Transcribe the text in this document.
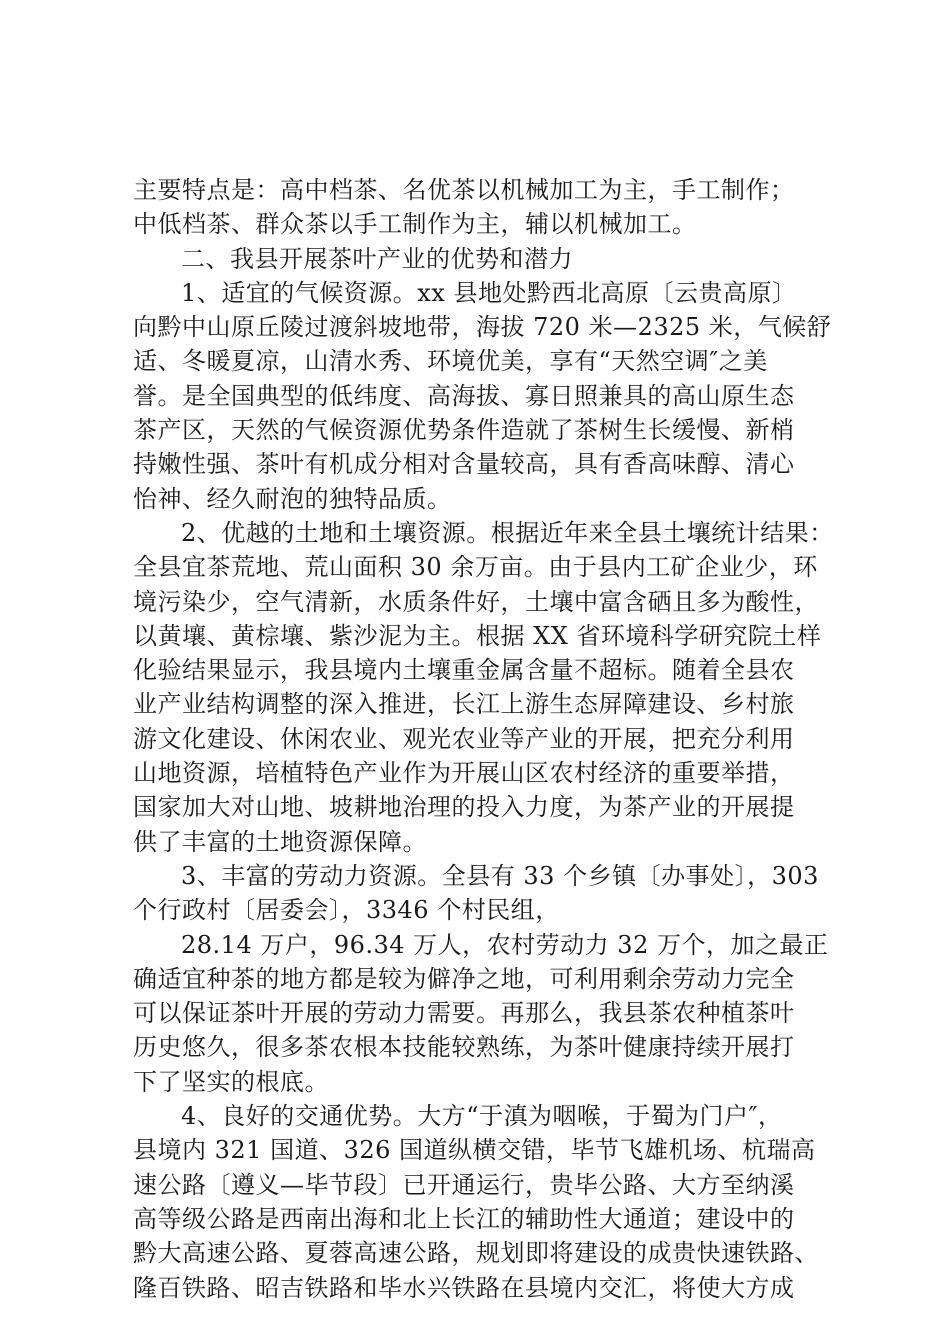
主要特点是：高中档茶、名优茶以机械加工为主，手工制作；
中低档茶、群众茶以手工制作为主，辅以机械加工。
二、我县开展茶叶产业的优势和潜力
1、适宜的气候资源。xx 县地处黔西北高原〔云贵高原〕
向黔中山原丘陵过渡斜坡地带，海拔 720 米—2325 米，气候舒
适、冬暖夏凉，山清水秀、环境优美，享有“天然空调″之美
誉。是全国典型的低纬度、高海拔、寡日照兼具的高山原生态
茶产区，天然的气候资源优势条件造就了茶树生长缓慢、新梢
持嫩性强、茶叶有机成分相对含量较高，具有香高味醇、清心
怡神、经久耐泡的独特品质。
2、优越的土地和土壤资源。根据近年来全县土壤统计结果：
全县宜茶荒地、荒山面积 30 余万亩。由于县内工矿企业少，环
境污染少，空气清新，水质条件好，土壤中富含硒且多为酸性，
以黄壤、黄棕壤、紫沙泥为主。根据 XX 省环境科学研究院土样
化验结果显示，我县境内土壤重金属含量不超标。随着全县农
业产业结构调整的深入推进，长江上游生态屏障建设、乡村旅
游文化建设、休闲农业、观光农业等产业的开展，把充分利用
山地资源，培植特色产业作为开展山区农村经济的重要举措，
国家加大对山地、坡耕地治理的投入力度，为茶产业的开展提
供了丰富的土地资源保障。
3、丰富的劳动力资源。全县有 33 个乡镇〔办事处〕，303
个行政村〔居委会〕，3346 个村民组，
28.14 万户，96.34 万人，农村劳动力 32 万个，加之最正
确适宜种茶的地方都是较为僻净之地，可利用剩余劳动力完全
可以保证茶叶开展的劳动力需要。再那么，我县茶农种植茶叶
历史悠久，很多茶农根本技能较熟练，为茶叶健康持续开展打
下了坚实的根底。
4、良好的交通优势。大方“于滇为咽喉，于蜀为门户″，
县境内 321 国道、326 国道纵横交错，毕节飞雄机场、杭瑞高
速公路〔遵义—毕节段〕已开通运行，贵毕公路、大方至纳溪
高等级公路是西南出海和北上长江的辅助性大通道；建设中的
黔大高速公路、夏蓉高速公路，规划即将建设的成贵快速铁路、
隆百铁路、昭吉铁路和毕水兴铁路在县境内交汇，将使大方成
